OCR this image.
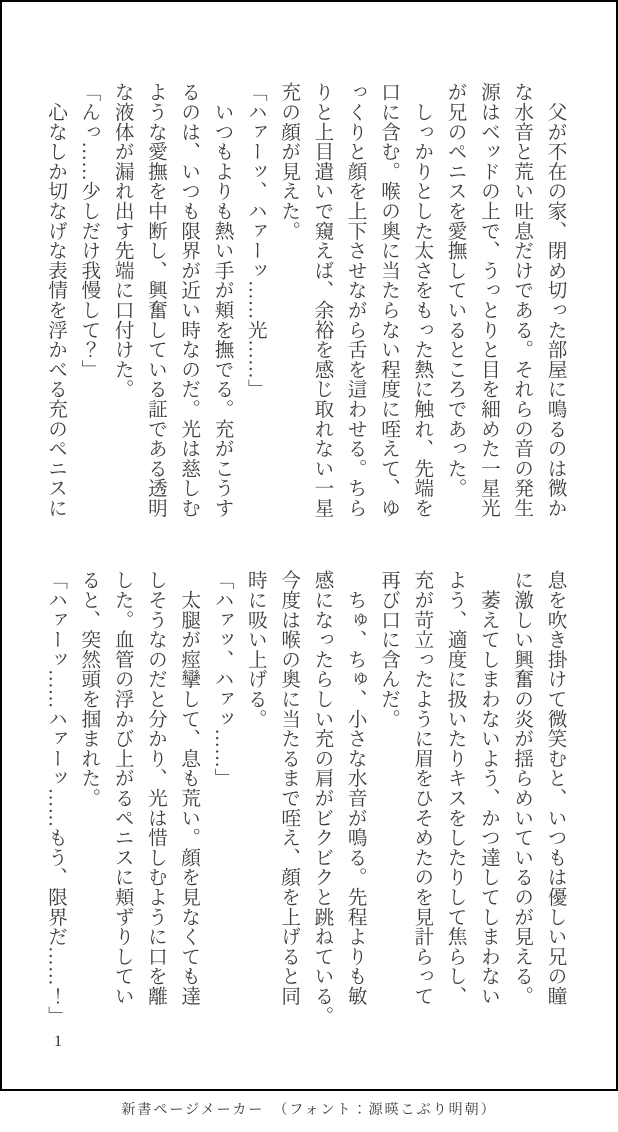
　父が不在の家、閉め切った部屋に鳴るのは微か
な水音と荒い吐息だけである。それらの音の発生
源はベッドの上で、うっとりと目を細めた一星光
が兄のペニスを愛撫しているところであった。
　しっかりとした太さをもった熱に触れ、先端を
口に含む。喉の奥に当たらない程度に咥えて、ゆ
っくりと顔を上下させながら舌を這わせる。ちら
りと上目遣いで窺えば、余裕を感じ取れない一星
充の顔が見えた。
「ハァーッ、ハァーッ……光……」
　いつもよりも熱い手が頬を撫でる。充がこうす
るのは、いつも限界が近い時なのだ。光は慈しむ
ような愛撫を中断し、興奮している証である透明
な液体が漏れ出す先端に口付けた。
「んっ……少しだけ我慢して？」
　心なしか切なげな表情を浮かべる充のペニスに
息を吹き掛けて微笑むと、いつもは優しい兄の瞳
に激しい興奮の炎が揺らめいているのが見える。
　萎えてしまわないよう、かつ達してしまわない
よう、適度に扱いたりキスをしたりして焦らし、
充が苛立ったように眉をひそめたのを見計らって
再び口に含んだ。
　ちゅ、ちゅ、小さな水音が鳴る。先程よりも敏
感になったらしい充の肩がビクビクと跳ねている。
今度は喉の奥に当たるまで咥え、顔を上げると同
時に吸い上げる。
「ハァッ、ハァッ……」
　太腿が痙攣して、息も荒い。顔を見なくても達
しそうなのだと分かり、光は惜しむように口を離
した。血管の浮かび上がるペニスに頬ずりしてい
ると、突然頭を掴まれた。
「ハァーッ……ハァーッ……もう、限界だ……！」
1
新書ページメーカー　（フォント：源暎こぶり明朝）
